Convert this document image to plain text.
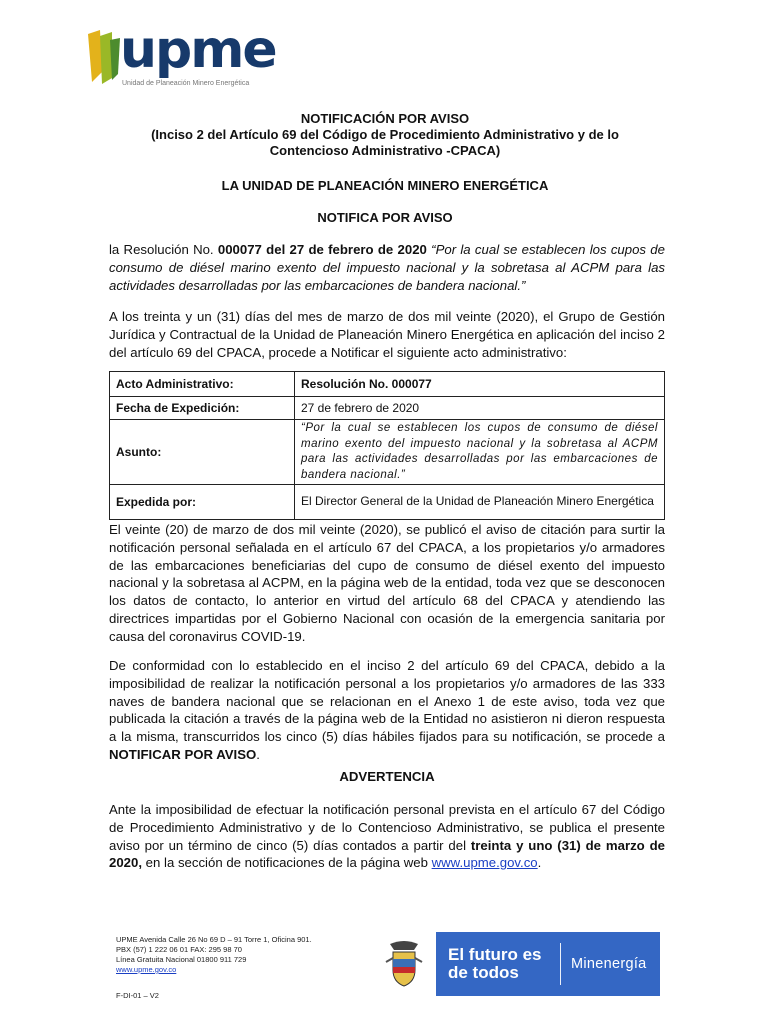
upme
Unidad de Planeación Minero Energética
NOTIFICACIÓN POR AVISO
(Inciso 2 del Artículo 69 del Código de Procedimiento Administrativo y de lo
Contencioso Administrativo -CPACA)
LA UNIDAD DE PLANEACIÓN MINERO ENERGÉTICA
NOTIFICA POR AVISO
la Resolución No. 000077 del 27 de febrero de 2020 “Por la cual se establecen los cupos de consumo de diésel marino exento del impuesto nacional y la sobretasa al ACPM para las actividades desarrolladas por las embarcaciones de bandera nacional.”
A los treinta y un (31) días del mes de marzo de dos mil veinte (2020), el Grupo de Gestión Jurídica y Contractual de la Unidad de Planeación Minero Energética en aplicación del inciso 2 del artículo 69 del CPACA, procede a Notificar el siguiente acto administrativo:
Acto Administrativo:	Resolución No. 000077
Fecha de Expedición:	27 de febrero de 2020
Asunto:	“Por la cual se establecen los cupos de consumo de diésel marino exento del impuesto nacional y la sobretasa al ACPM para las actividades desarrolladas por las embarcaciones de bandera nacional.”
Expedida por:	El Director General de la Unidad de Planeación Minero Energética
El veinte (20) de marzo de dos mil veinte (2020), se publicó el aviso de citación para surtir la notificación personal señalada en el artículo 67 del CPACA, a los propietarios y/o armadores de las embarcaciones beneficiarias del cupo de consumo de diésel exento del impuesto nacional y la sobretasa al ACPM, en la página web de la entidad, toda vez que se desconocen los datos de contacto, lo anterior en virtud del artículo 68 del CPACA y atendiendo las directrices impartidas por el Gobierno Nacional con ocasión de la emergencia sanitaria por causa del coronavirus COVID-19.
De conformidad con lo establecido en el inciso 2 del artículo 69 del CPACA, debido a la imposibilidad de realizar la notificación personal a los propietarios y/o armadores de las 333 naves de bandera nacional que se relacionan en el Anexo 1 de este aviso, toda vez que publicada la citación a través de la página web de la Entidad no asistieron ni dieron respuesta a la misma, transcurridos los cinco (5) días hábiles fijados para su notificación, se procede a NOTIFICAR POR AVISO.
ADVERTENCIA
Ante la imposibilidad de efectuar la notificación personal prevista en el artículo 67 del Código de Procedimiento Administrativo y de lo Contencioso Administrativo, se publica el presente aviso por un término de cinco (5) días contados a partir del treinta y uno (31) de marzo de 2020, en la sección de notificaciones de la página web www.upme.gov.co.
UPME Avenida Calle 26 No 69 D – 91 Torre 1, Oficina 901.
PBX (57) 1 222 06 01 FAX: 295 98 70
Línea Gratuita Nacional 01800 911 729
www.upme.gov.co
F-DI-01 – V2
El futuro es de todos	Minenergía
